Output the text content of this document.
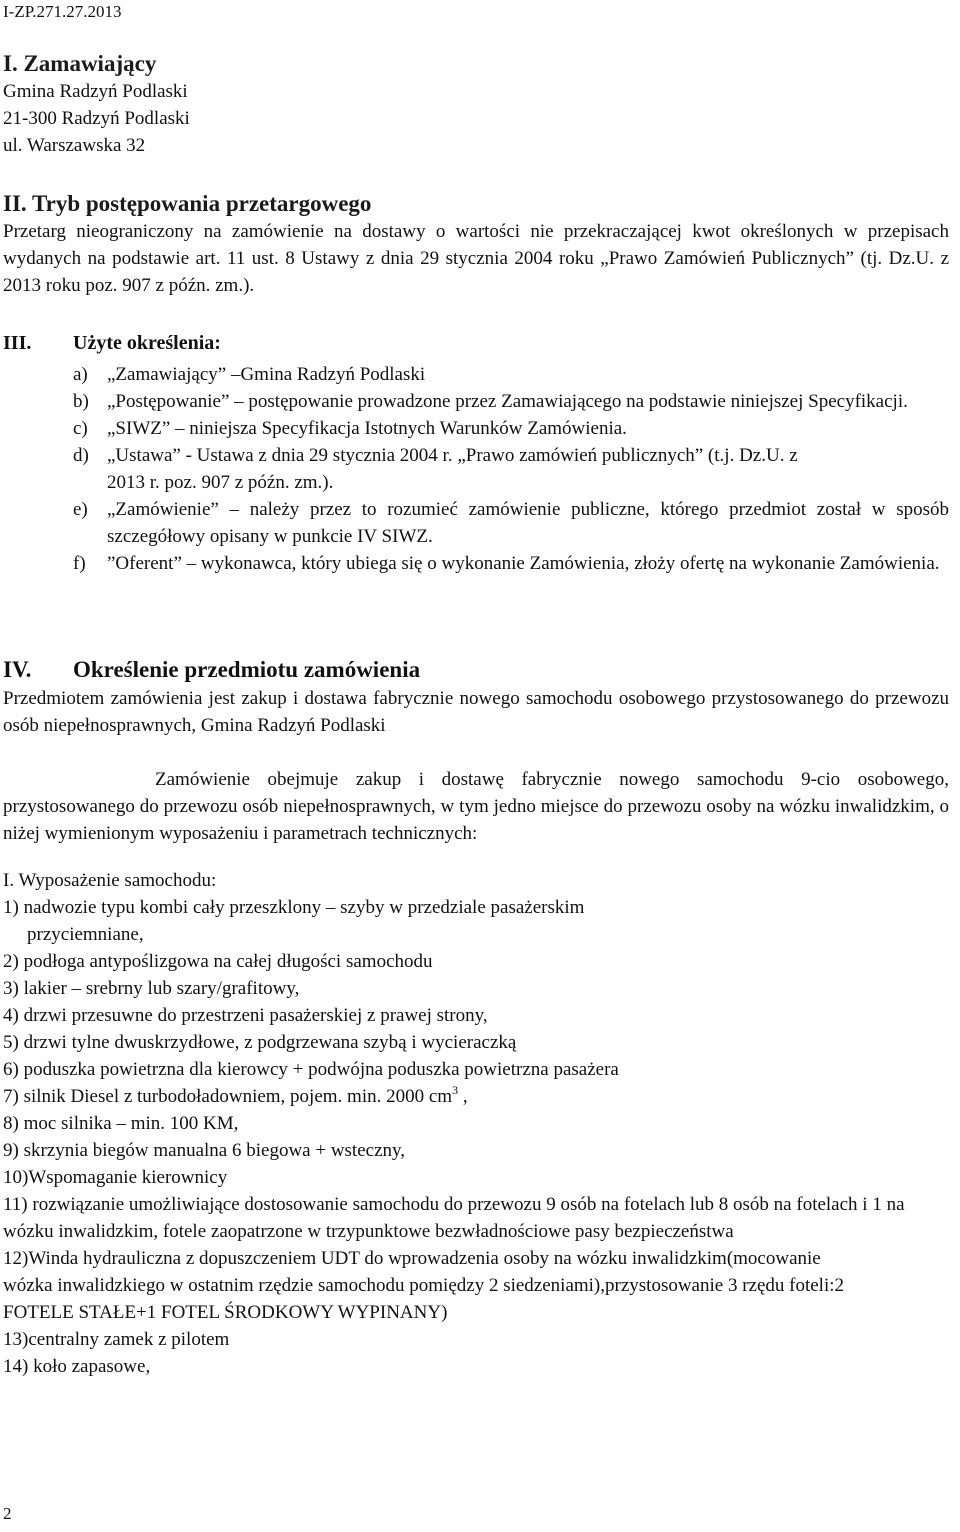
I-ZP.271.27.2013
I. Zamawiający
Gmina Radzyń Podlaski
21-300 Radzyń Podlaski
ul. Warszawska 32
II. Tryb postępowania przetargowego
Przetarg nieograniczony na zamówienie na dostawy o wartości nie przekraczającej kwot określonych w przepisach wydanych na podstawie art. 11 ust. 8 Ustawy z dnia 29 stycznia 2004 roku „Prawo Zamówień Publicznych” (tj. Dz.U. z 2013 roku poz. 907 z późn. zm.).
III. Użyte określenia:
a) „Zamawiający” –Gmina Radzyń Podlaski
b) „Postępowanie” – postępowanie prowadzone przez Zamawiającego na podstawie niniejszej Specyfikacji.
c) „SIWZ” – niniejsza Specyfikacja Istotnych Warunków Zamówienia.
d) „Ustawa” - Ustawa z dnia 29 stycznia 2004 r. „Prawo zamówień publicznych” (t.j. Dz.U. z 2013 r. poz. 907 z późn. zm.).
e) „Zamówienie” – należy przez to rozumieć zamówienie publiczne, którego przedmiot został w sposób szczegółowy opisany w punkcie IV SIWZ.
f) ”Oferent” – wykonawca, który ubiega się o wykonanie Zamówienia, złoży ofertę na wykonanie Zamówienia.
IV. Określenie przedmiotu zamówienia
Przedmiotem zamówienia jest zakup i dostawa fabrycznie nowego samochodu osobowego przystosowanego do przewozu osób niepełnosprawnych, Gmina Radzyń Podlaski
Zamówienie obejmuje zakup i dostawę fabrycznie nowego samochodu 9-cio osobowego, przystosowanego do przewozu osób niepełnosprawnych, w tym jedno miejsce do przewozu osoby na wózku inwalidzkim, o niżej wymienionym wyposażeniu i parametrach technicznych:
I. Wyposażenie samochodu:
1) nadwozie typu kombi cały przeszklony – szyby w przedziale pasażerskim
przyciemniane,
2) podłoga antypoślizgowa na całej długości samochodu
3) lakier – srebrny lub szary/grafitowy,
4) drzwi przesuwne do przestrzeni pasażerskiej z prawej strony,
5) drzwi tylne dwuskrzydłowe, z podgrzewana szybą i wycieraczką
6) poduszka powietrzna dla kierowcy + podwójna poduszka powietrzna pasażera
7) silnik Diesel z turbodoładowniem, pojem. min. 2000 $cm^3$ ,
8) moc silnika – min. 100 KM,
9) skrzynia biegów manualna 6 biegowa + wsteczny,
10)Wspomaganie kierownicy
11) rozwiązanie umożliwiające dostosowanie samochodu do przewozu 9 osób na fotelach lub 8 osób na fotelach i 1 na wózku inwalidzkim, fotele zaopatrzone w trzypunktowe bezwładnościowe pasy bezpieczeństwa
12)Winda hydrauliczna z dopuszczeniem UDT do wprowadzenia osoby na wózku inwalidzkim(mocowanie wózka inwalidzkiego w ostatnim rzędzie samochodu pomiędzy 2 siedzeniami),przystosowanie 3 rzędu foteli:2 FOTELE STAŁE+1 FOTEL ŚRODKOWY WYPINANY)
13)centralny zamek z pilotem
14) koło zapasowe,
2
